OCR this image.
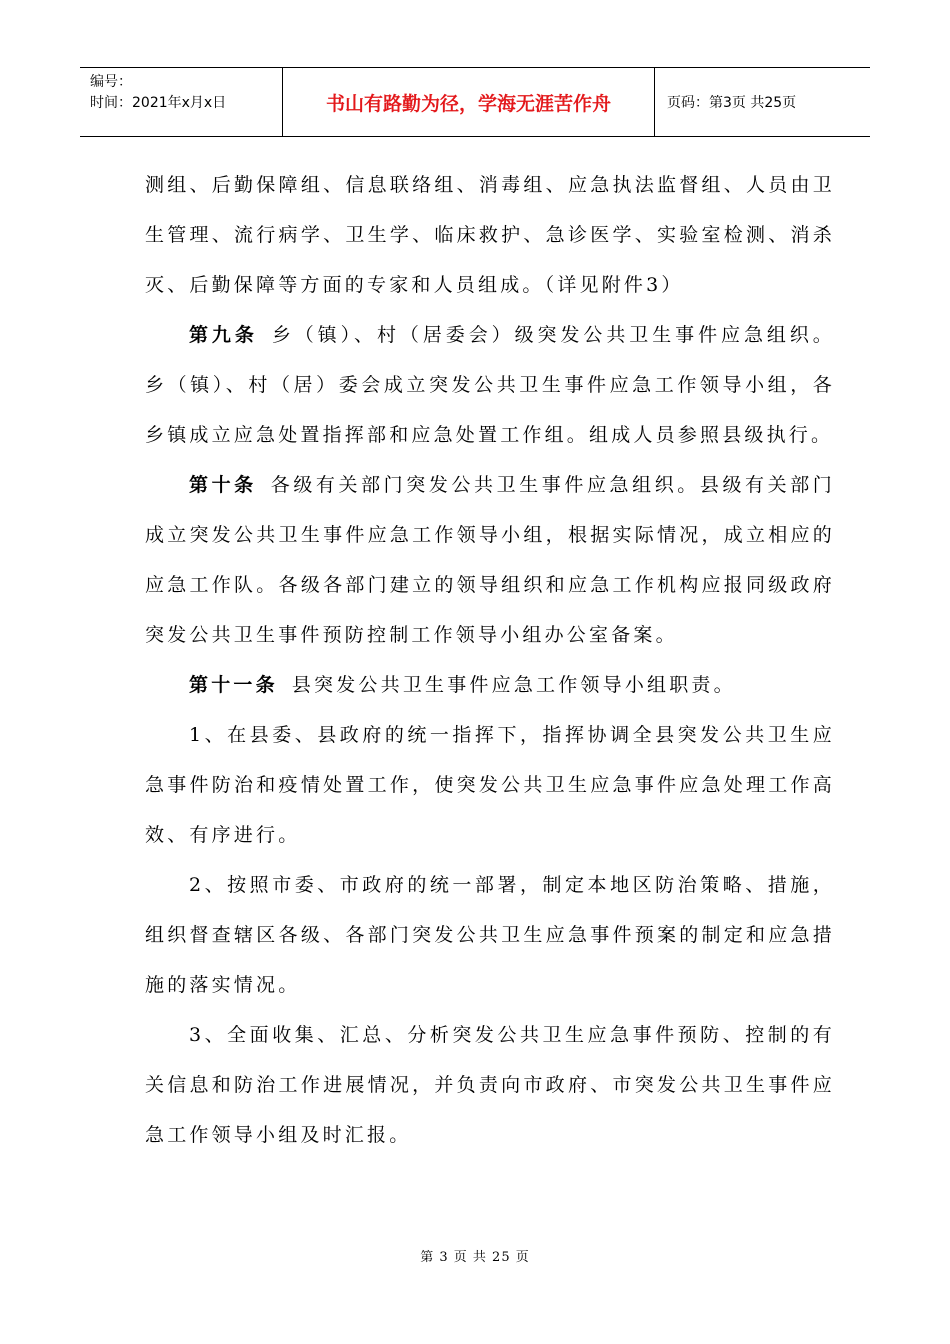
编号：
时间：2021年x月x日	书山有路勤为径，学海无涯苦作舟	页码：第3页 共25页

测组、后勤保障组、信息联络组、消毒组、应急执法监督组、人员由卫生管理、流行病学、卫生学、临床救护、急诊医学、实验室检测、消杀灭、后勤保障等方面的专家和人员组成。（详见附件3）

第九条 乡（镇）、村（居委会）级突发公共卫生事件应急组织。乡（镇）、村（居）委会成立突发公共卫生事件应急工作领导小组，各乡镇成立应急处置指挥部和应急处置工作组。组成人员参照县级执行。

第十条 各级有关部门突发公共卫生事件应急组织。县级有关部门成立突发公共卫生事件应急工作领导小组，根据实际情况，成立相应的应急工作队。各级各部门建立的领导组织和应急工作机构应报同级政府突发公共卫生事件预防控制工作领导小组办公室备案。

第十一条 县突发公共卫生事件应急工作领导小组职责。

1、在县委、县政府的统一指挥下，指挥协调全县突发公共卫生应急事件防治和疫情处置工作，使突发公共卫生应急事件应急处理工作高效、有序进行。

2、按照市委、市政府的统一部署，制定本地区防治策略、措施，组织督查辖区各级、各部门突发公共卫生应急事件预案的制定和应急措施的落实情况。

3、全面收集、汇总、分析突发公共卫生应急事件预防、控制的有关信息和防治工作进展情况，并负责向市政府、市突发公共卫生事件应急工作领导小组及时汇报。

第 3 页 共 25 页
